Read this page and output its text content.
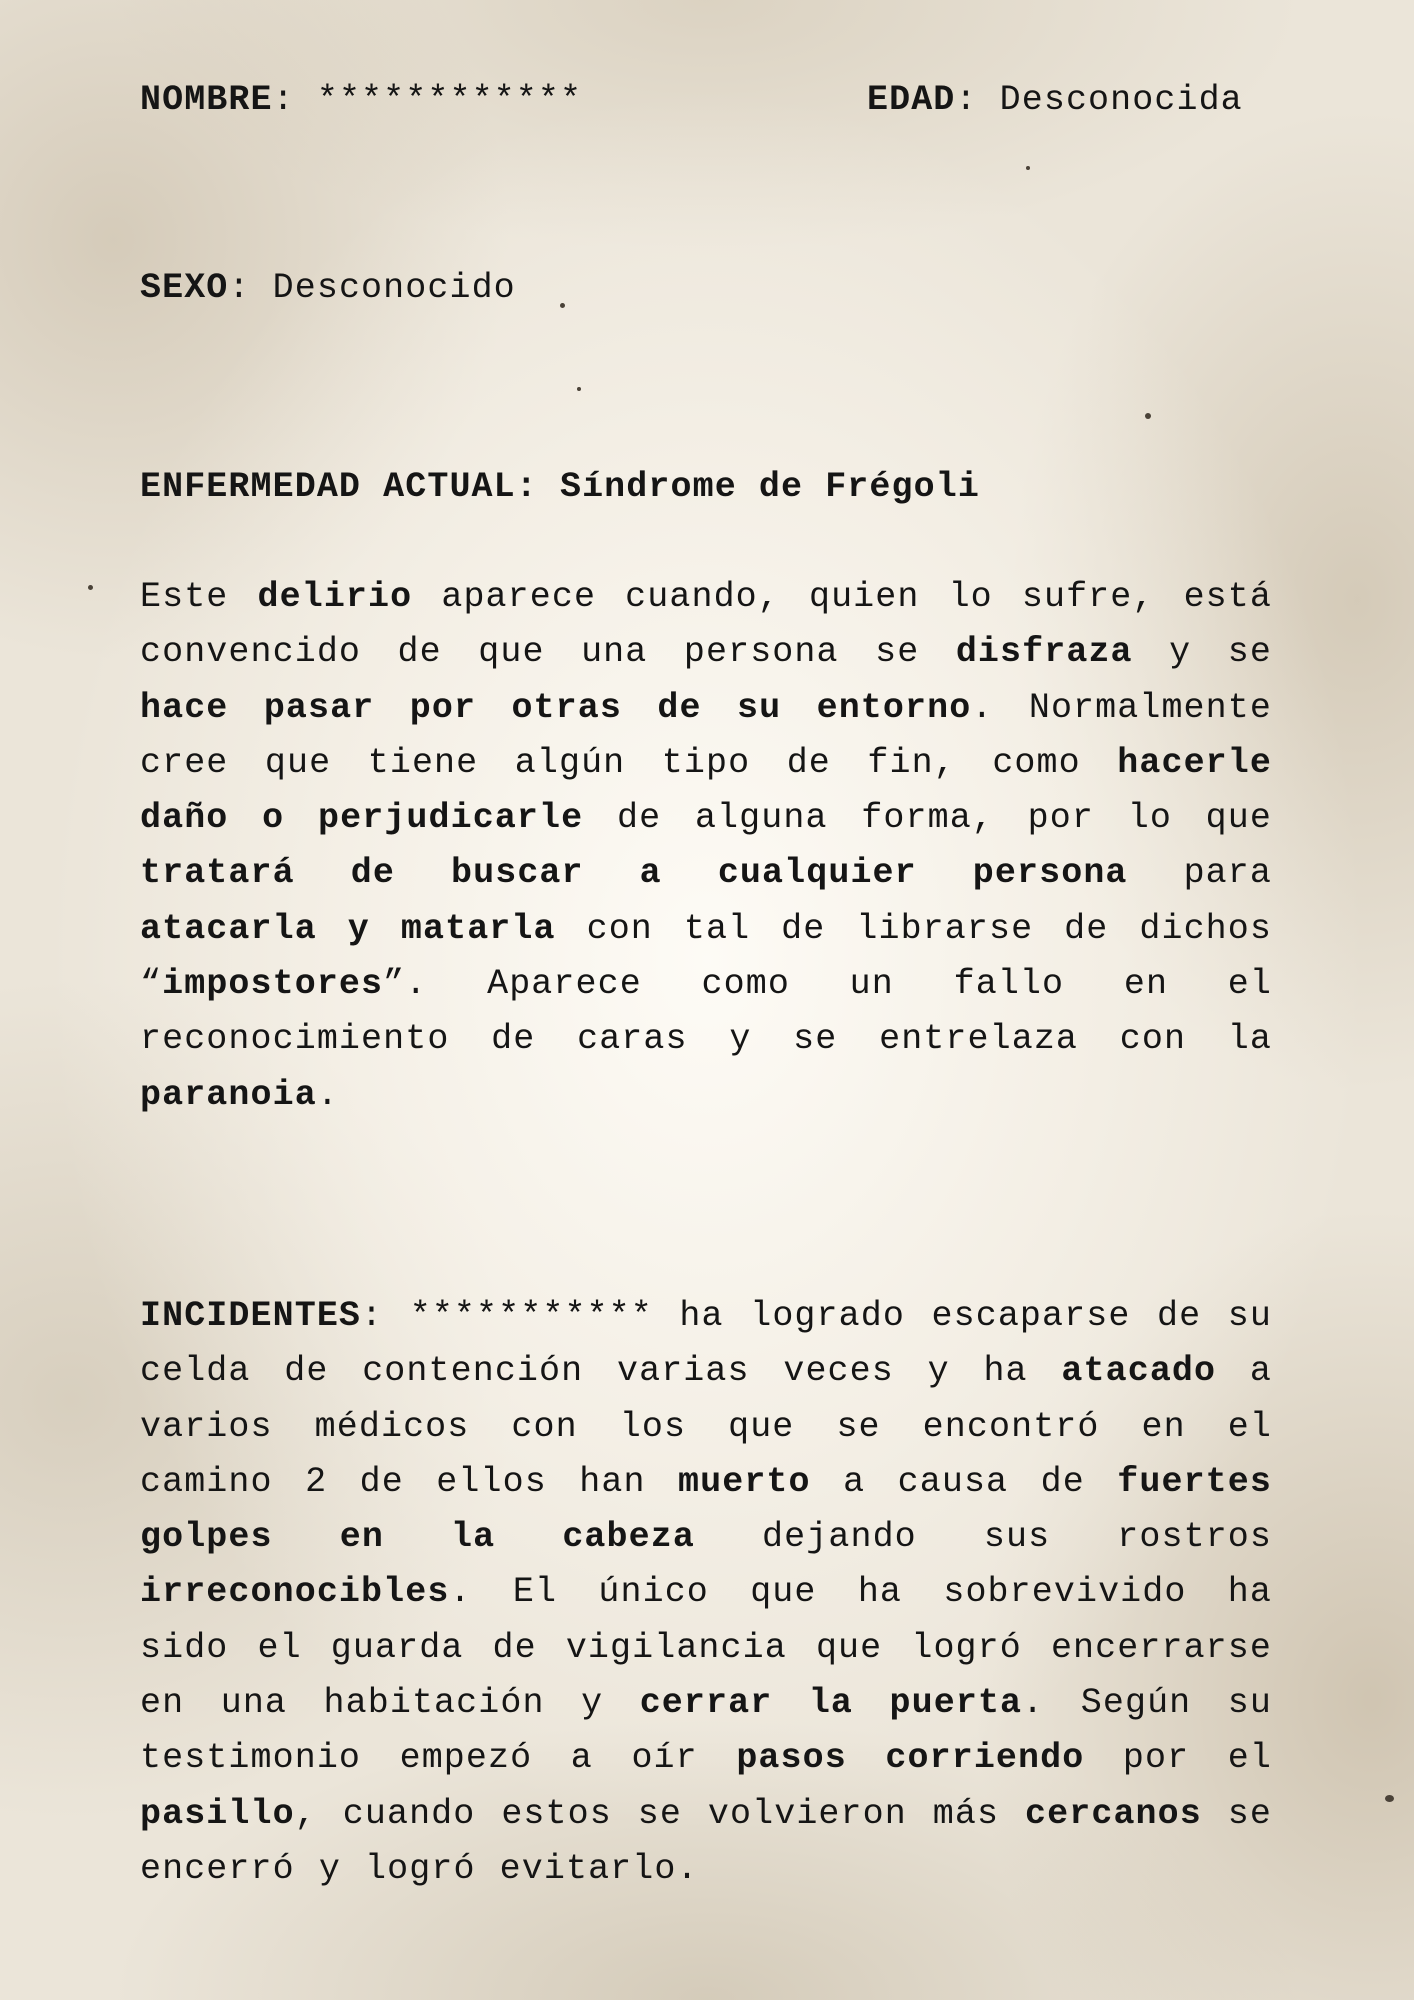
NOMBRE: ************	EDAD: Desconocida
SEXO: Desconocido
ENFERMEDAD ACTUAL: Síndrome de Frégoli
Este delirio aparece cuando, quien lo sufre, está convencido de que una persona se disfraza y se hace pasar por otras de su entorno. Normalmente cree que tiene algún tipo de fin, como hacerle daño o perjudicarle de alguna forma, por lo que tratará de buscar a cualquier persona para atacarla y matarla con tal de librarse de dichos “impostores”. Aparece como un fallo en el reconocimiento de caras y se entrelaza con la paranoia.
INCIDENTES: *********** ha logrado escaparse de su celda de contención varias veces y ha atacado a varios médicos con los que se encontró en el camino 2 de ellos han muerto a causa de fuertes golpes en la cabeza dejando sus rostros irreconocibles. El único que ha sobrevivido ha sido el guarda de vigilancia que logró encerrarse en una habitación y cerrar la puerta. Según su testimonio empezó a oír pasos corriendo por el pasillo, cuando estos se volvieron más cercanos se encerró y logró evitarlo.
